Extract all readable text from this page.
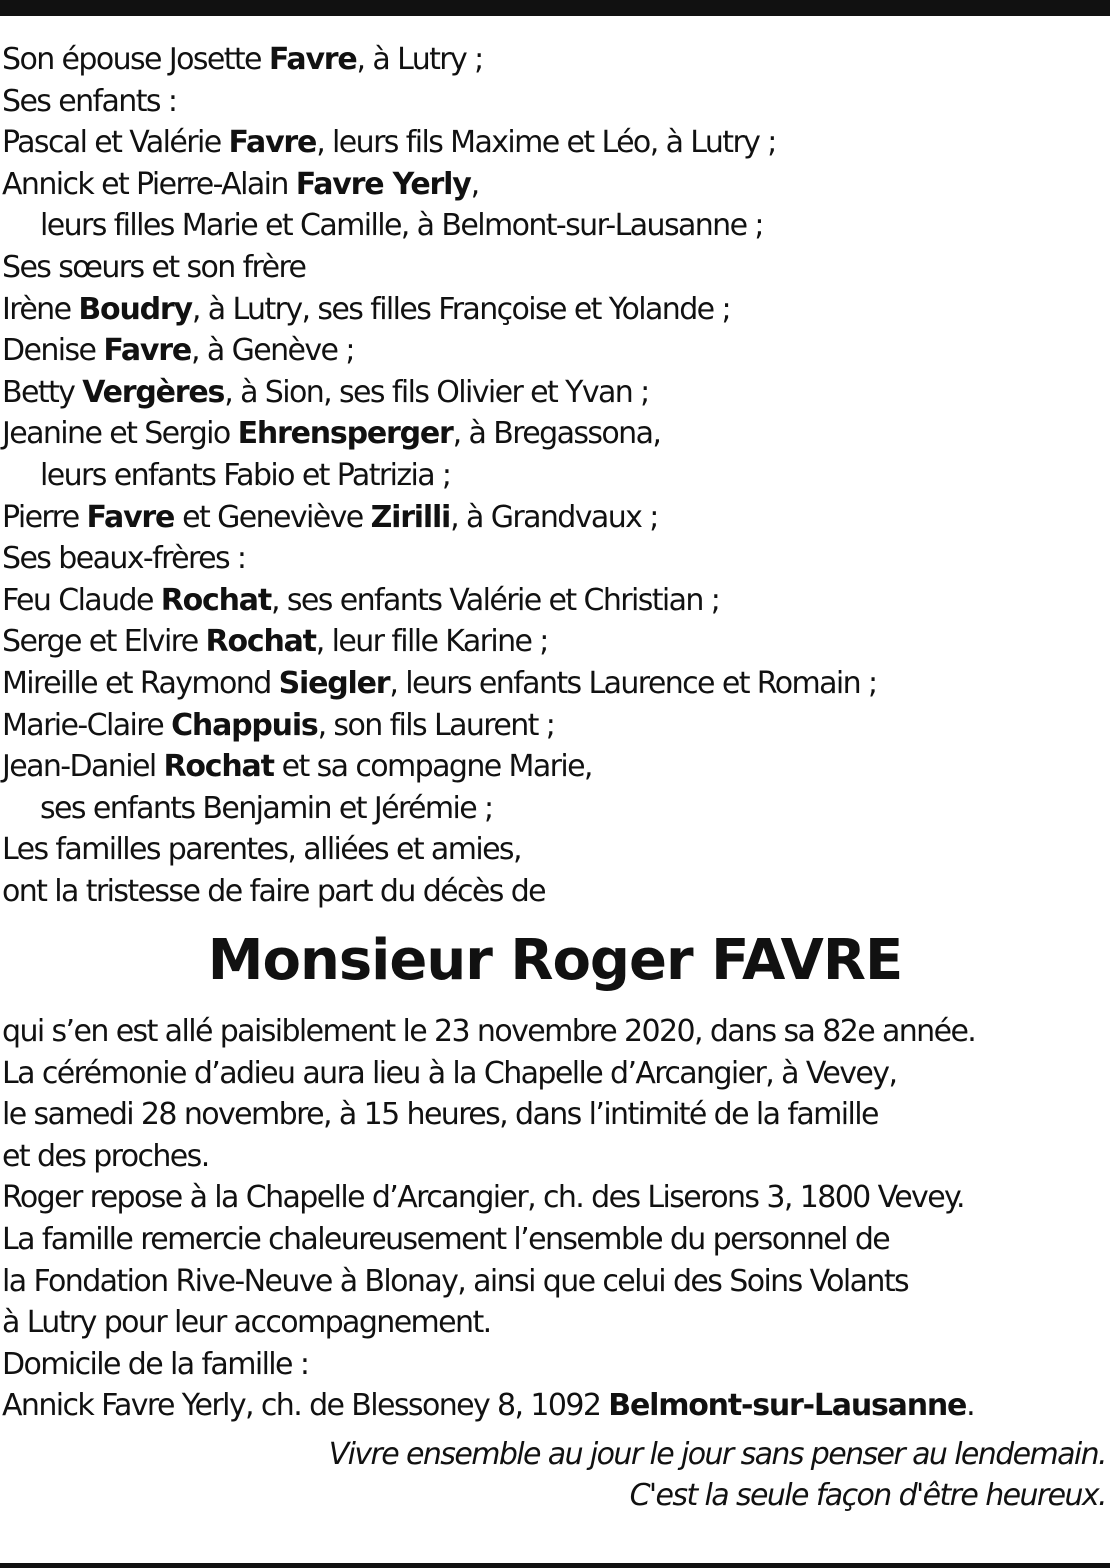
Son épouse Josette Favre, à Lutry ;
Ses enfants :
Pascal et Valérie Favre, leurs fils Maxime et Léo, à Lutry ;
Annick et Pierre-Alain Favre Yerly,
leurs filles Marie et Camille, à Belmont-sur-Lausanne ;
Ses sœurs et son frère
Irène Boudry, à Lutry, ses filles Françoise et Yolande ;
Denise Favre, à Genève ;
Betty Vergères, à Sion, ses fils Olivier et Yvan ;
Jeanine et Sergio Ehrensperger, à Bregassona,
leurs enfants Fabio et Patrizia ;
Pierre Favre et Geneviève Zirilli, à Grandvaux ;
Ses beaux-frères :
Feu Claude Rochat, ses enfants Valérie et Christian ;
Serge et Elvire Rochat, leur fille Karine ;
Mireille et Raymond Siegler, leurs enfants Laurence et Romain ;
Marie-Claire Chappuis, son fils Laurent ;
Jean-Daniel Rochat et sa compagne Marie,
ses enfants Benjamin et Jérémie ;
Les familles parentes, alliées et amies,
ont la tristesse de faire part du décès de
Monsieur Roger FAVRE
qui s’en est allé paisiblement le 23 novembre 2020, dans sa 82e année.
La cérémonie d’adieu aura lieu à la Chapelle d’Arcangier, à Vevey,
le samedi 28 novembre, à 15 heures, dans l’intimité de la famille
et des proches.
Roger repose à la Chapelle d’Arcangier, ch. des Liserons 3, 1800 Vevey.
La famille remercie chaleureusement l’ensemble du personnel de
la Fondation Rive-Neuve à Blonay, ainsi que celui des Soins Volants
à Lutry pour leur accompagnement.
Domicile de la famille :
Annick Favre Yerly, ch. de Blessoney 8, 1092 Belmont-sur-Lausanne.
Vivre ensemble au jour le jour sans penser au lendemain.
C'est la seule façon d'être heureux.
